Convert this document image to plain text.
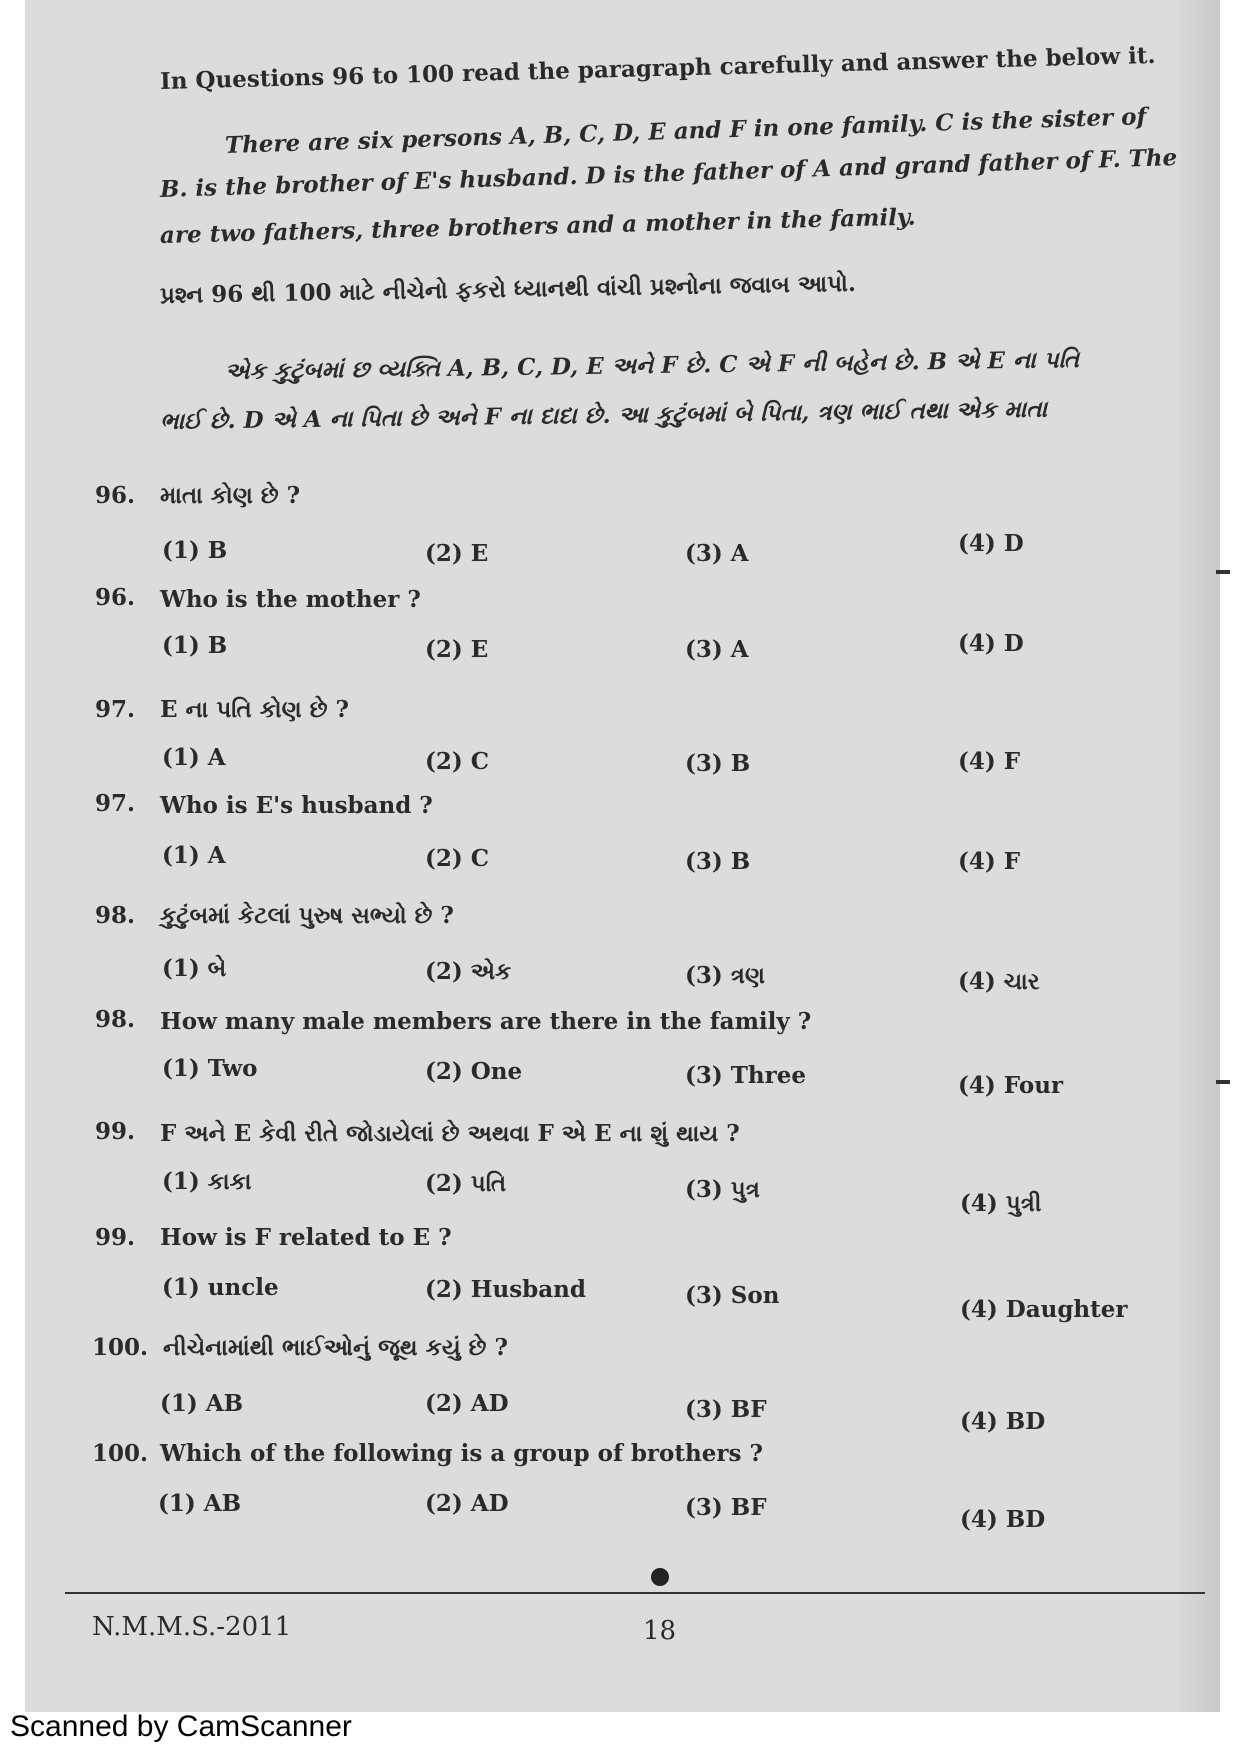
In Questions 96 to 100 read the paragraph carefully and answer the below it.
There are six persons A, B, C, D, E and F in one family. C is the sister of
B. is the brother of E's husband. D is the father of A and grand father of F. The
are two fathers, three brothers and a mother in the family.
પ્રશ્ન 96 થી 100 માટે નીચેનો ફકરો ધ્યાનથી વાંચી પ્રશ્નોના જવાબ આપો.
એક કુટુંબમાં છ વ્યક્તિ A, B, C, D, E અને F છે. C એ F ની બહેન છે. B એ E ના પતિ
ભાઈ છે. D એ A ના પિતા છે અને F ના દાદા છે. આ કુટુંબમાં બે પિતા, ત્રણ ભાઈ તથા એક માતા
96. માતા કોણ છે ?
(1) B	(2) E	(3) A	(4) D
96. Who is the mother ?
(1) B	(2) E	(3) A	(4) D
97. E ના પતિ કોણ છે ?
(1) A	(2) C	(3) B	(4) F
97. Who is E's husband ?
(1) A	(2) C	(3) B	(4) F
98. કુટુંબમાં કેટલાં પુરુષ સભ્યો છે ?
(1) બે	(2) એક	(3) ત્રણ	(4) ચાર
98. How many male members are there in the family ?
(1) Two	(2) One	(3) Three	(4) Four
99. F અને E કેવી રીતે જોડાયેલાં છે અથવા F એ E ના શું થાય ?
(1) કાકા	(2) પતિ	(3) પુત્ર
(4) પુત્રી
99. How is F related to E ?
(1) uncle	(2) Husband	(3) Son
(4) Daughter
100. નીચેનામાંથી ભાઈઓનું જૂથ કયું છે ?
(1) AB	(2) AD	(3) BF	(4) BD
100. Which of the following is a group of brothers ?
(1) AB	(2) AD	(3) BF	(4) BD
N.M.M.S.-2011	18
Scanned by CamScanner
